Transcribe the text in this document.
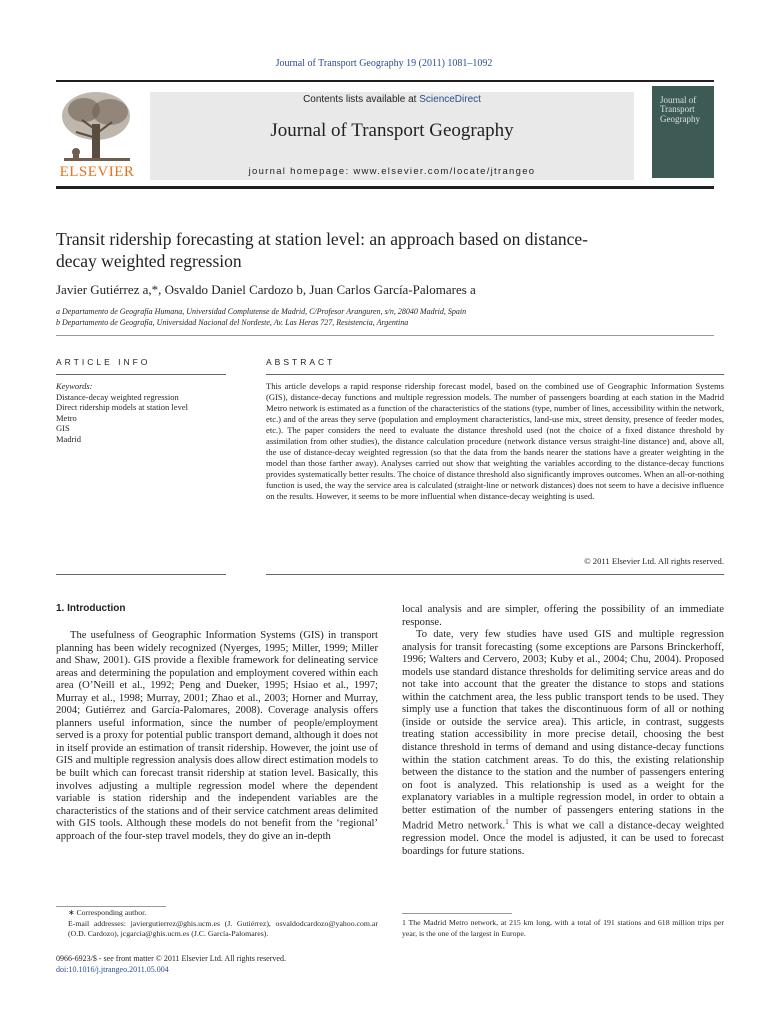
Journal of Transport Geography 19 (2011) 1081–1092
ELSEVIER
Contents lists available at ScienceDirect
Journal of Transport Geography
journal homepage: www.elsevier.com/locate/jtrangeo
Journal of Transport Geography
Transit ridership forecasting at station level: an approach based on distance-decay weighted regression
Javier Gutiérrez a,*, Osvaldo Daniel Cardozo b, Juan Carlos García-Palomares a
a Departamento de Geografía Humana, Universidad Complutense de Madrid, C/Profesor Aranguren, s/n, 28040 Madrid, Spain
b Departamento de Geografía, Universidad Nacional del Nordeste, Av. Las Heras 727, Resistencia, Argentina
ARTICLE INFO
Keywords:
Distance-decay weighted regression
Direct ridership models at station level
Metro
GIS
Madrid
ABSTRACT
This article develops a rapid response ridership forecast model, based on the combined use of Geographic Information Systems (GIS), distance-decay functions and multiple regression models. The number of passengers boarding at each station in the Madrid Metro network is estimated as a function of the characteristics of the stations (type, number of lines, accessibility within the network, etc.) and of the areas they serve (population and employment characteristics, land-use mix, street density, presence of feeder modes, etc.). The paper considers the need to evaluate the distance threshold used (not the choice of a fixed distance threshold by assimilation from other studies), the distance calculation procedure (network distance versus straight-line distance) and, above all, the use of distance-decay weighted regression (so that the data from the bands nearer the stations have a greater weighting in the model than those farther away). Analyses carried out show that weighting the variables according to the distance-decay functions provides systematically better results. The choice of distance threshold also significantly improves outcomes. When an all-or-nothing function is used, the way the service area is calculated (straight-line or network distances) does not seem to have a decisive influence on the results. However, it seems to be more influential when distance-decay weighting is used.
© 2011 Elsevier Ltd. All rights reserved.
1. Introduction

The usefulness of Geographic Information Systems (GIS) in transport planning has been widely recognized (Nyerges, 1995; Miller, 1999; Miller and Shaw, 2001). GIS provide a flexible framework for delineating service areas and determining the population and employment covered within each area (O’Neill et al., 1992; Peng and Dueker, 1995; Hsiao et al., 1997; Murray et al., 1998; Murray, 2001; Zhao et al., 2003; Horner and Murray, 2004; Gutiérrez and García-Palomares, 2008). Coverage analysis offers planners useful information, since the number of people/employment served is a proxy for potential public transport demand, although it does not in itself provide an estimation of transit ridership. However, the joint use of GIS and multiple regression analysis does allow direct estimation models to be built which can forecast transit ridership at station level. Basically, this involves adjusting a multiple regression model where the dependent variable is station ridership and the independent variables are the characteristics of the stations and of their service catchment areas delimited with GIS tools. Although these models do not benefit from the ‘regional’ approach of the four-step travel models, they do give an in-depth

local analysis and are simpler, offering the possibility of an immediate response.

To date, very few studies have used GIS and multiple regression analysis for transit forecasting (some exceptions are Parsons Brinckerhoff, 1996; Walters and Cervero, 2003; Kuby et al., 2004; Chu, 2004). Proposed models use standard distance thresholds for delimiting service areas and do not take into account that the greater the distance to stops and stations within the catchment area, the less public transport tends to be used. They simply use a function that takes the discontinuous form of all or nothing (inside or outside the service area). This article, in contrast, suggests treating station accessibility in more precise detail, choosing the best distance threshold in terms of demand and using distance-decay functions within the station catchment areas. To do this, the existing relationship between the distance to the station and the number of passengers entering on foot is analyzed. This relationship is used as a weight for the explanatory variables in a multiple regression model, in order to obtain a better estimation of the number of passengers entering stations in the Madrid Metro network.$^1$ This is what we call a distance-decay weighted regression model. Once the model is adjusted, it can be used to forecast boardings for future stations.

∗ Corresponding author.
E-mail addresses: javiergutierrez@ghis.ucm.es (J. Gutiérrez), osvaldodcardozo@yahoo.com.ar (O.D. Cardozo), jcgarcia@ghis.ucm.es (J.C. García-Palomares).
1 The Madrid Metro network, at 215 km long, with a total of 191 stations and 618 million trips per year, is the one of the largest in Europe.
0966-6923/$ - see front matter © 2011 Elsevier Ltd. All rights reserved.
doi:10.1016/j.jtrangeo.2011.05.004
